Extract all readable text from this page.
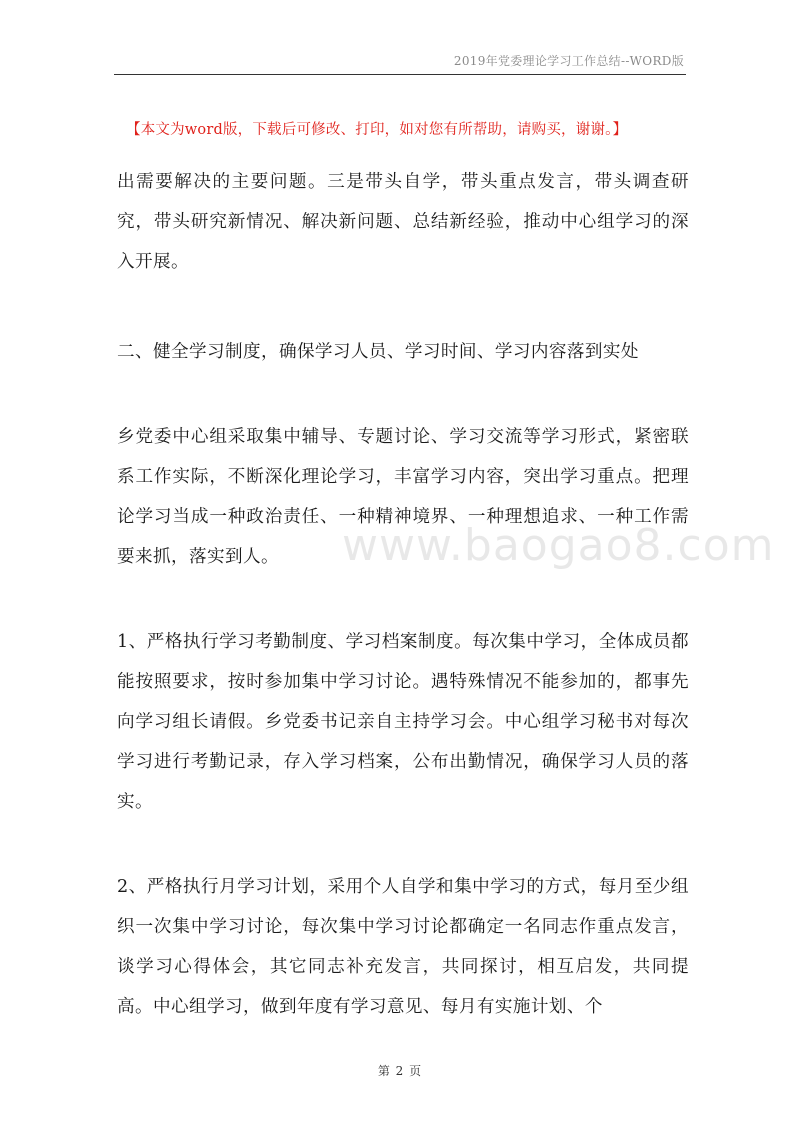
2019年党委理论学习工作总结--WORD版
【本文为word版，下载后可修改、打印，如对您有所帮助，请购买，谢谢。】

出需要解决的主要问题。三是带头自学，带头重点发言，带头调查研究，带头研究新情况、解决新问题、总结新经验，推动中心组学习的深入开展。

二、健全学习制度，确保学习人员、学习时间、学习内容落到实处

乡党委中心组采取集中辅导、专题讨论、学习交流等学习形式，紧密联系工作实际，不断深化理论学习，丰富学习内容，突出学习重点。把理论学习当成一种政治责任、一种精神境界、一种理想追求、一种工作需要来抓，落实到人。

1、严格执行学习考勤制度、学习档案制度。每次集中学习，全体成员都能按照要求，按时参加集中学习讨论。遇特殊情况不能参加的，都事先向学习组长请假。乡党委书记亲自主持学习会。中心组学习秘书对每次学习进行考勤记录，存入学习档案，公布出勤情况，确保学习人员的落实。

2、严格执行月学习计划，采用个人自学和集中学习的方式，每月至少组织一次集中学习讨论，每次集中学习讨论都确定一名同志作重点发言，谈学习心得体会，其它同志补充发言，共同探讨，相互启发，共同提高。中心组学习，做到年度有学习意见、每月有实施计划、个

www.baogao8.com
第 2 页
